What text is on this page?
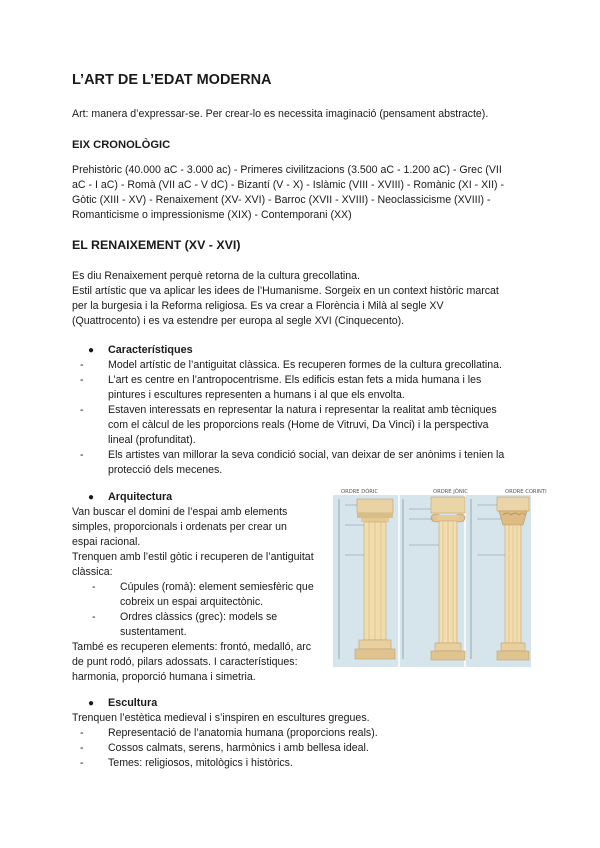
L’ART DE L’EDAT MODERNA
Art: manera d’expressar-se. Per crear-lo es necessita imaginació (pensament abstracte).
EIX CRONOLÒGIC
Prehistòric (40.000 aC - 3.000 ac) - Primeres civilitzacions (3.500 aC - 1.200 aC) - Grec (VII
aC - I aC) - Romà (VII aC - V dC) - Bizantí (V - X) - Islàmic (VIII - XVIII) - Romànic (XI - XII) -
Gòtic (XIII - XV) - Renaixement (XV- XVI) - Barroc (XVII - XVIII) - Neoclassicisme (XVIII) -
Romanticisme o impressionisme (XIX) - Contemporani (XX)
EL RENAIXEMENT (XV - XVI)
Es diu Renaixement perquè retorna de la cultura grecollatina.
Estil artístic que va aplicar les idees de l’Humanisme. Sorgeix en un context històric marcat
per la burgesia i la Reforma religiosa. Es va crear a Florència i Milà al segle XV
(Quattrocento) i es va estendre per europa al segle XVI (Cinquecento).
● Característiques
- Model artístic de l’antiguitat clàssica. Es recuperen formes de la cultura grecollatina.
- L’art es centre en l’antropocentrisme. Els edificis estan fets a mida humana i les
pintures i escultures representen a humans i al que els envolta.
- Estaven interessats en representar la natura i representar la realitat amb tècniques
com el càlcul de les proporcions reals (Home de Vitruvi, Da Vinci) i la perspectiva
lineal (profunditat).
- Els artistes van millorar la seva condició social, van deixar de ser anònims i tenien la
protecció dels mecenes.
● Arquitectura
Van buscar el domini de l’espai amb elements
simples, proporcionals i ordenats per crear un
espai racional.
Trenquen amb l’estil gòtic i recuperen de l’antiguitat
clàssica:
- Cúpules (romà): element semiesfèric que
cobreix un espai arquitectònic.
- Ordres clàssics (grec): models se
sustentament.
També es recuperen elements: frontó, medalló, arc
de punt rodó, pilars adossats. I característiques:
harmonia, proporció humana i simetria.
● Escultura
Trenquen l’estètica medieval i s’inspiren en escultures gregues.
- Representació de l’anatomia humana (proporcions reals).
- Cossos calmats, serens, harmònics i amb bellesa ideal.
- Temes: religiosos, mitològics i històrics.
ORDRE DÒRIC	ORDRE JÒNIC	ORDRE CORINTI
